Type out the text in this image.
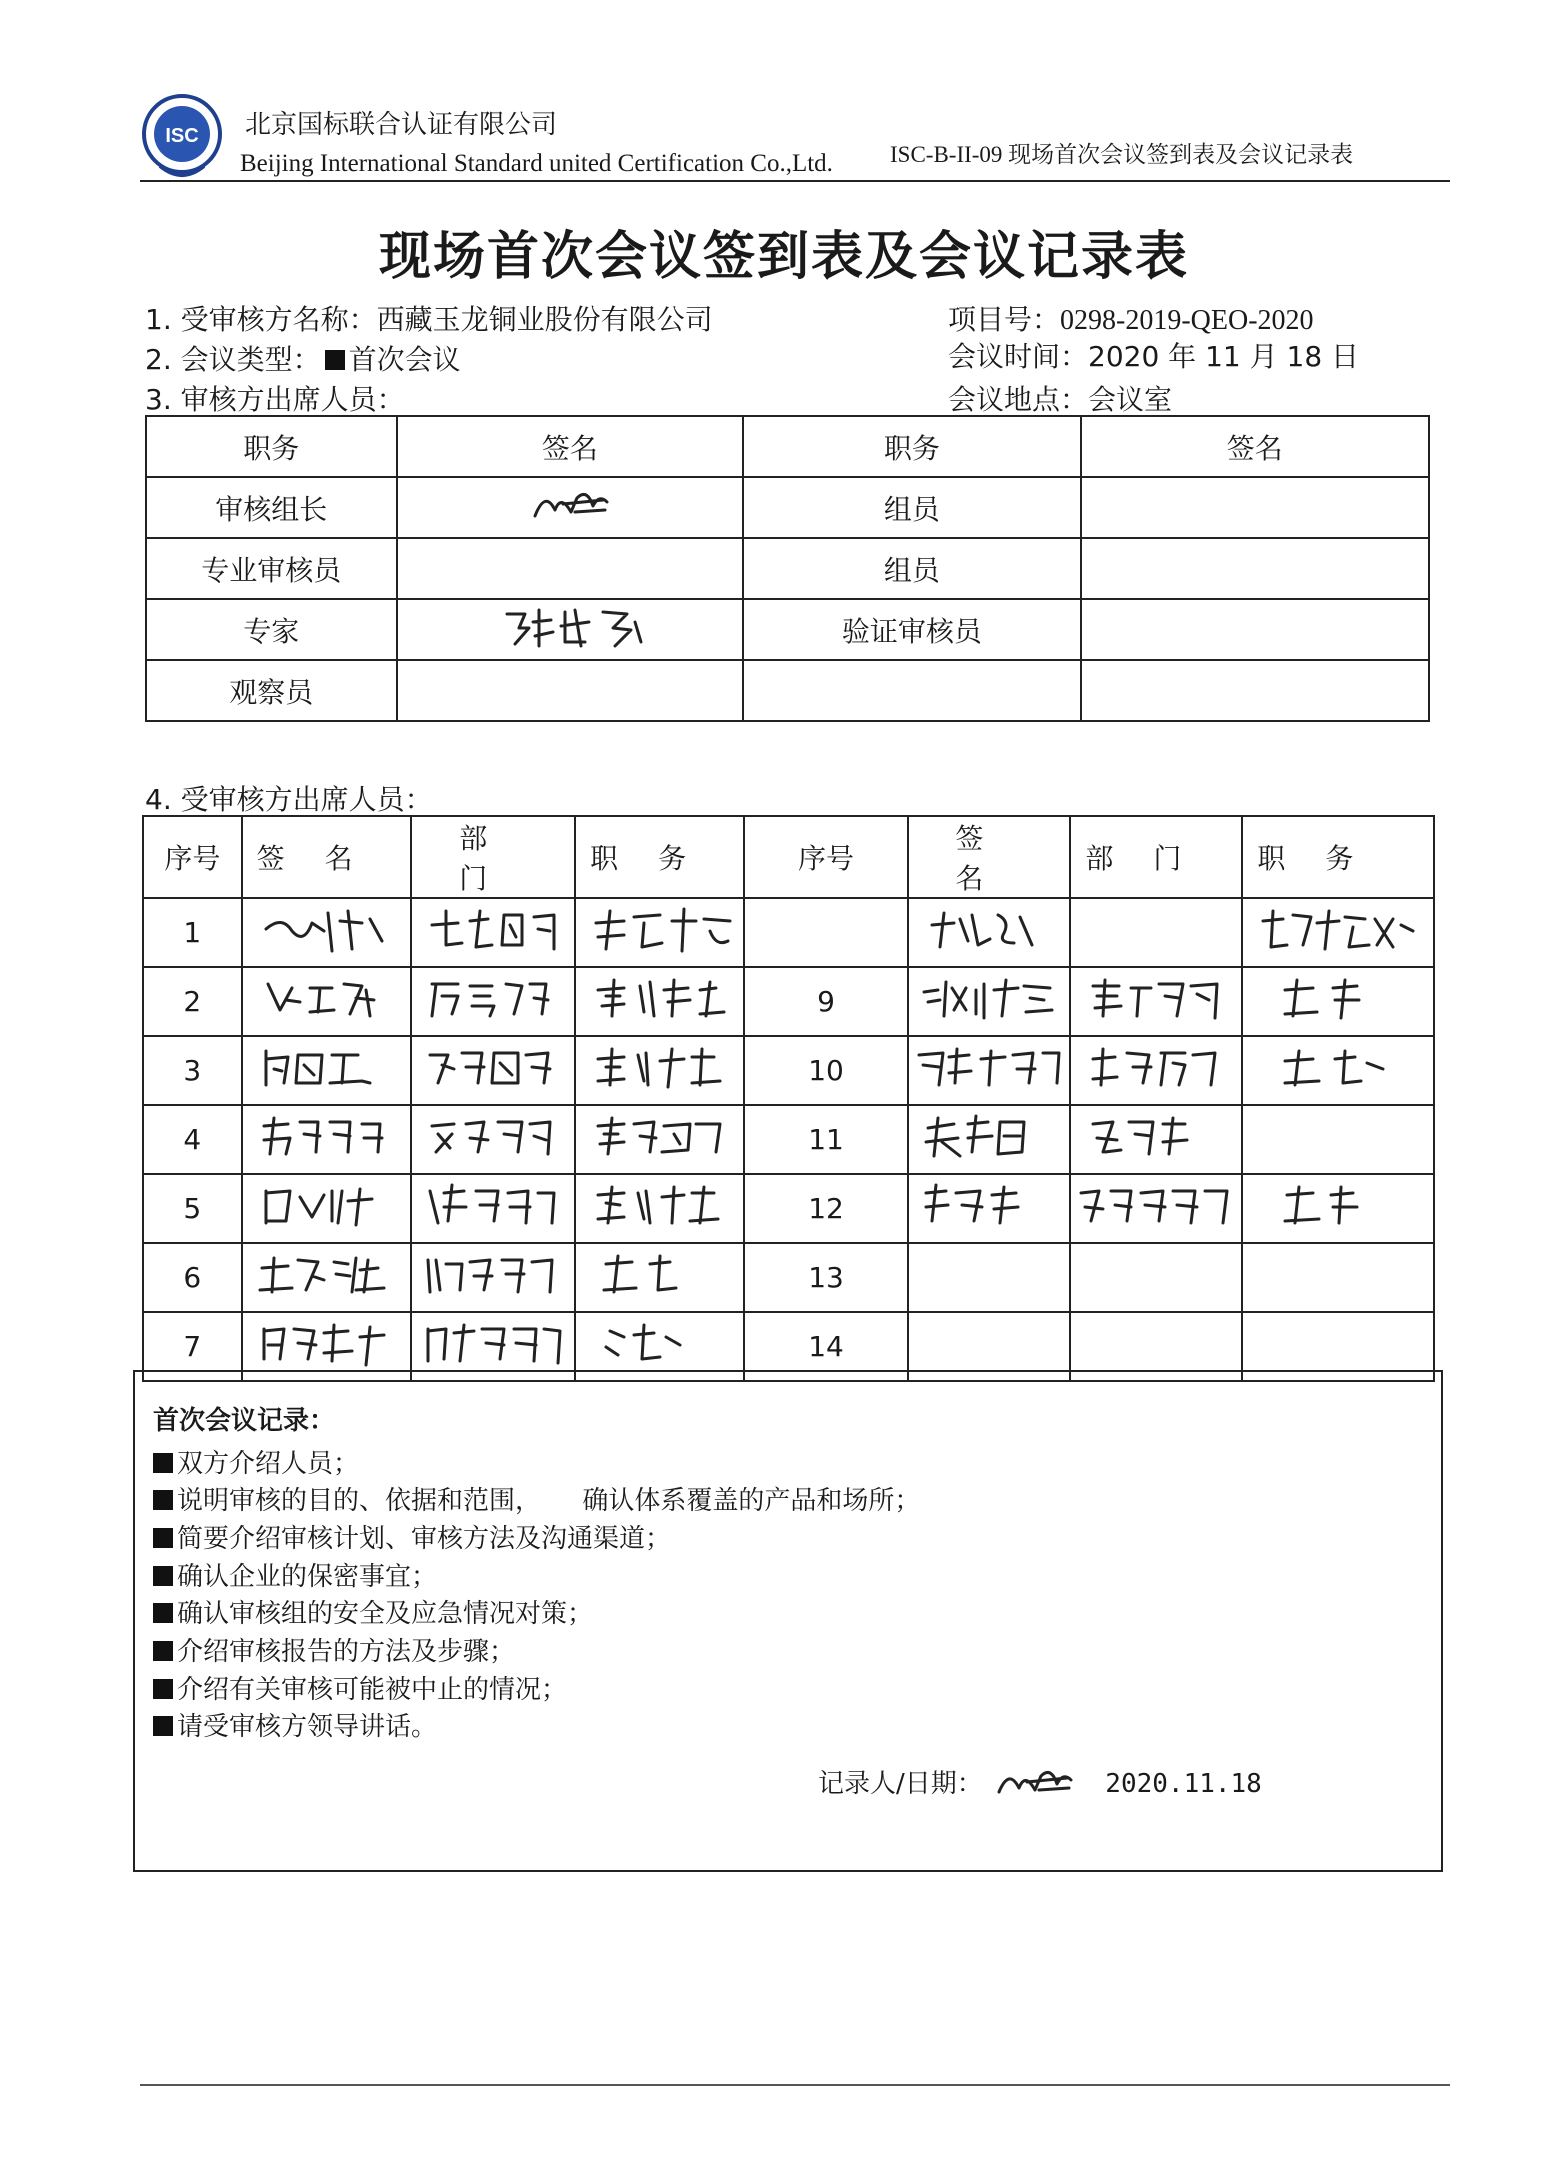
ISC 北京国标联合认证有限公司
Beijing International Standard united Certification Co.,Ltd. ISC-B-II-09 现场首次会议签到表及会议记录表
现场首次会议签到表及会议记录表
1. 受审核方名称：西藏玉龙铜业股份有限公司	项目号：0298-2019-QEO-2020
2. 会议类型： 首次会议	会议时间：2020 年 11 月 18 日
3. 审核方出席人员：	会议地点：会议室
职务	签名	职务	签名
审核组长		组员	
专业审核员		组员	
专家		验证审核员	
观察员			
4. 受审核方出席人员：
序号	签名	部门	职务	序号	签名	部门	职务

1							
2				9			
3				10			
4				11			
5				12			
6				13			
7				14			
首次会议记录：
双方介绍人员；
说明审核的目的、依据和范围，     确认体系覆盖的产品和场所；
简要介绍审核计划、审核方法及沟通渠道；
确认企业的保密事宜；
确认审核组的安全及应急情况对策；
介绍审核报告的方法及步骤；
介绍有关审核可能被中止的情况；
请受审核方领导讲话。
记录人/日期：	2020.11.18
